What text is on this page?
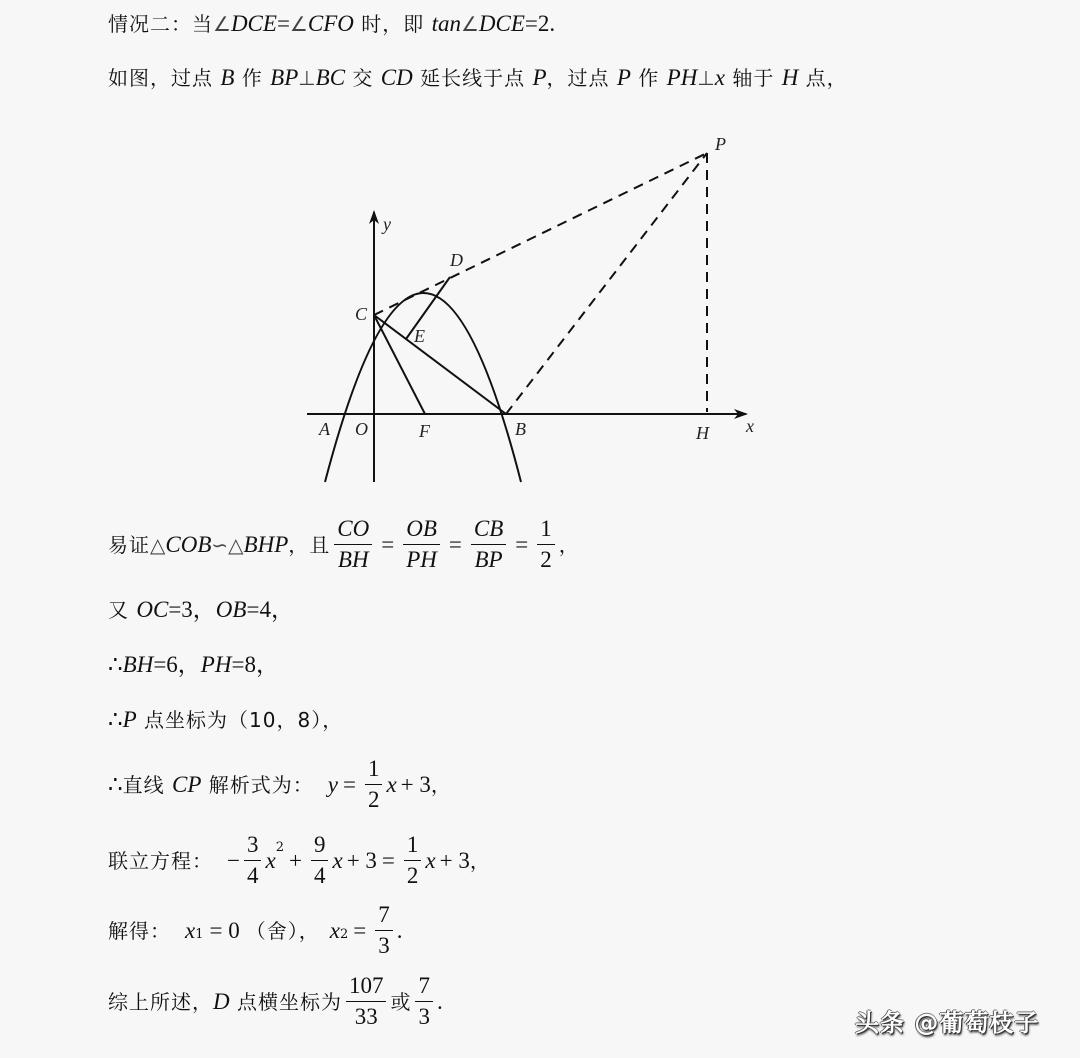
情况二：当 ∠ DCE = ∠ CFO 时，即 tan ∠ DCE =2.
如图，过点 B 作 BP ⊥ BC 交 CD 延长线于点 P ，过点 P 作 PH ⊥ x 轴于 H 点，
y
x
P
D
C
E
A O	F	B	H
易证 △ COB ∽ △ BHP ，且 $\frac{CO}{BH} = \frac{OB}{PH} = \frac{CB}{BP} = \frac{1}{2}$ ，
又 OC =3， OB =4，
∴ BH =6， PH =8，
∴ P 点坐标为（10，8），
∴ 直线 CP 解析式为： $y = \frac{1}{2}$ x + 3 ，
联立方程： − $\frac{3}{4} x^2 + \frac{9}{4}$ $x + 3 = \frac{1}{2}$ x + 3 ，
解得： $x_1 = 0$ （舍）， $x_2 = \frac{7}{3}$ .
综上所述， D 点横坐标为 $\frac{107}{33}$ 或 $\frac{7}{3}$ .
头条 @葡萄枝子
